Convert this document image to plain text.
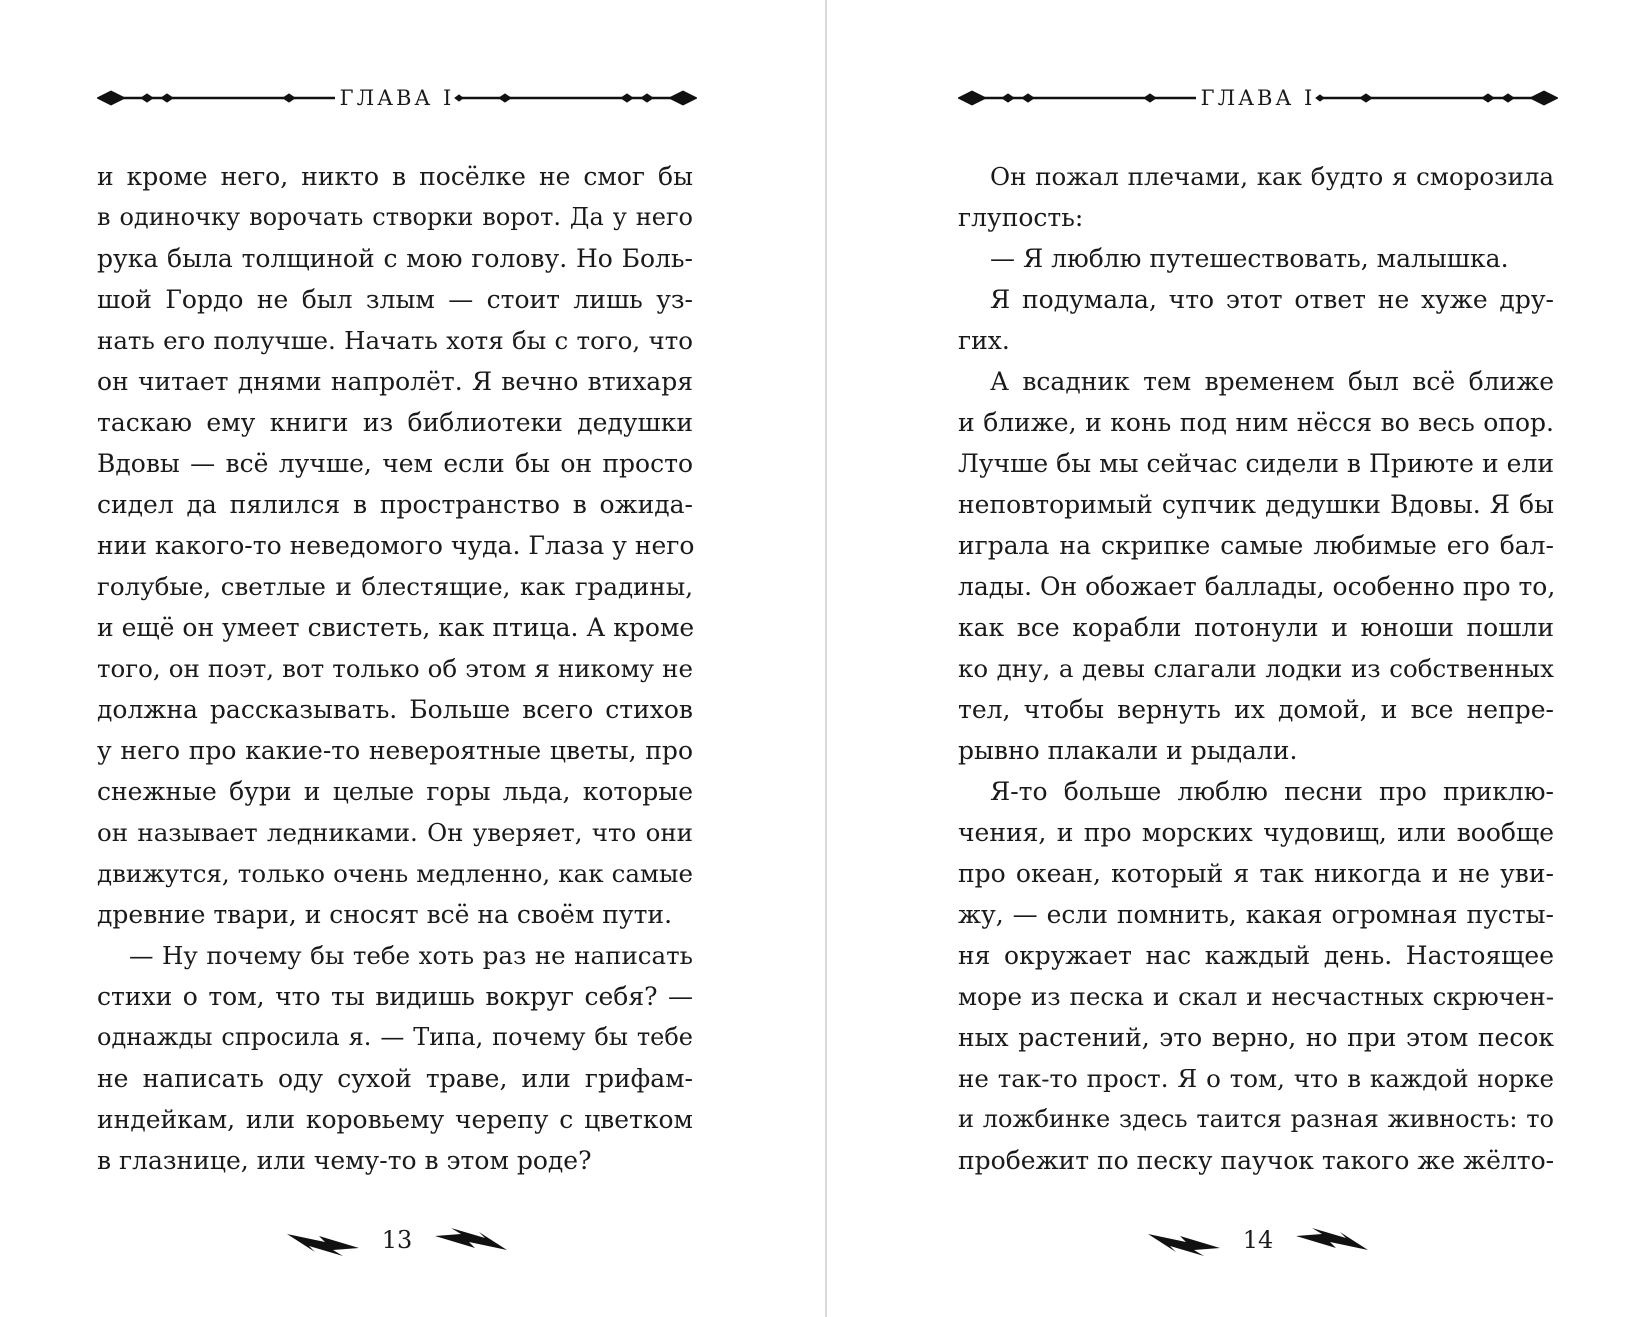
ГЛАВА I
и кроме него, никто в посёлке не смог бы
в одиночку ворочать створки ворот. Да у него
рука была толщиной с мою голову. Но Боль-
шой Гордо не был злым — стоит лишь уз-
нать его получше. Начать хотя бы с того, что
он читает днями напролёт. Я вечно втихаря
таскаю ему книги из библиотеки дедушки
Вдовы — всё лучше, чем если бы он просто
сидел да пялился в пространство в ожида-
нии какого-то неведомого чуда. Глаза у него
голубые, светлые и блестящие, как градины,
и ещё он умеет свистеть, как птица. А кроме
того, он поэт, вот только об этом я никому не
должна рассказывать. Больше всего стихов
у него про какие-то невероятные цветы, про
снежные бури и целые горы льда, которые
он называет ледниками. Он уверяет, что они
движутся, только очень медленно, как самые
древние твари, и сносят всё на своём пути.
— Ну почему бы тебе хоть раз не написать
стихи о том, что ты видишь вокруг себя? —
однажды спросила я. — Типа, почему бы тебе
не написать оду сухой траве, или грифам-
индейкам, или коровьему черепу с цветком
в глазнице, или чему-то в этом роде?
13
ГЛАВА I
Он пожал плечами, как будто я сморозила
глупость:
— Я люблю путешествовать, малышка.
Я подумала, что этот ответ не хуже дру-
гих.
А всадник тем временем был всё ближе
и ближе, и конь под ним нёсся во весь опор.
Лучше бы мы сейчас сидели в Приюте и ели
неповторимый супчик дедушки Вдовы. Я бы
играла на скрипке самые любимые его бал-
лады. Он обожает баллады, особенно про то,
как все корабли потонули и юноши пошли
ко дну, а девы слагали лодки из собственных
тел, чтобы вернуть их домой, и все непре-
рывно плакали и рыдали.
Я-то больше люблю песни про приклю-
чения, и про морских чудовищ, или вообще
про океан, который я так никогда и не уви-
жу, — если помнить, какая огромная пусты-
ня окружает нас каждый день. Настоящее
море из песка и скал и несчастных скрючен-
ных растений, это верно, но при этом песок
не так-то прост. Я о том, что в каждой норке
и ложбинке здесь таится разная живность: то
пробежит по песку паучок такого же жёлто-
14
